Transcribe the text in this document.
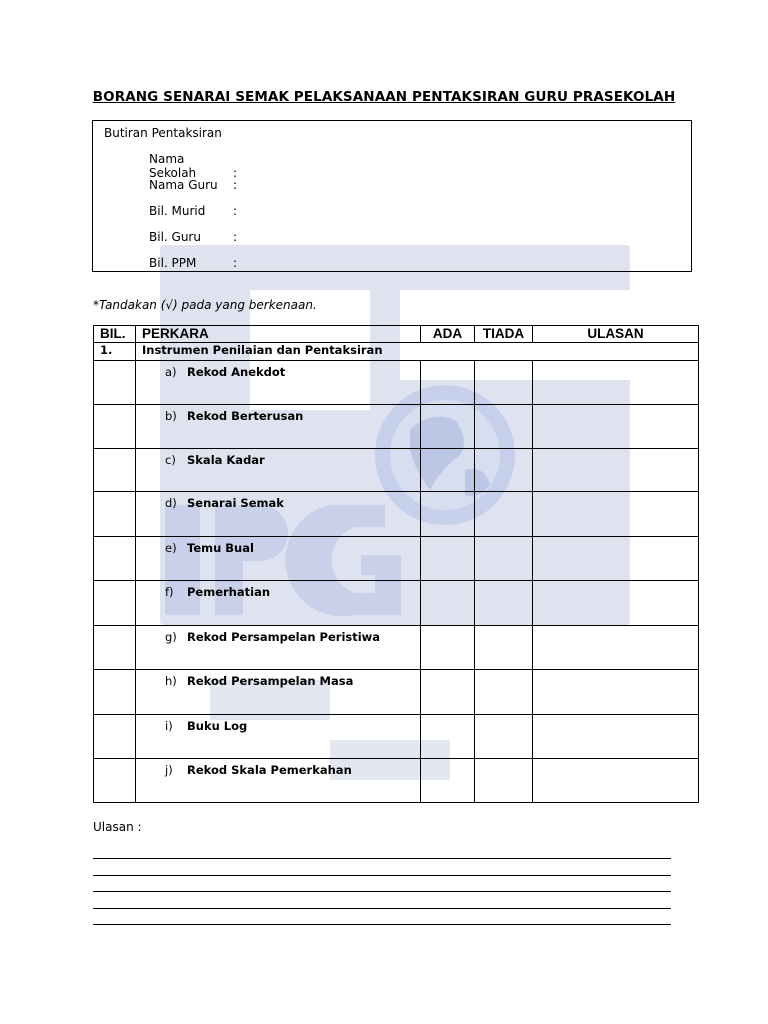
BORANG SENARAI SEMAK PELAKSANAAN PENTAKSIRAN GURU PRASEKOLAH
Butiran Pentaksiran
Nama Sekolah	:
Nama Guru :
Bil. Murid :
Bil. Guru	:
Bil. PPM	:
*Tandakan (√) pada yang berkenaan.
BIL.	PERKARA	ADA	TIADA	ULASAN
1.	Instrumen Penilaian dan Pentaksiran			

	a) Rekod Anekdot			

	b) Rekod Berterusan			

	c) Skala Kadar			

	d) Senarai Semak			

	e) Temu Bual			

	f) Pemerhatian			

	g) Rekod Persampelan Peristiwa			

	h) Rekod Persampelan Masa			

	i) Buku Log			

	j) Rekod Skala Pemerkahan			

Ulasan :
